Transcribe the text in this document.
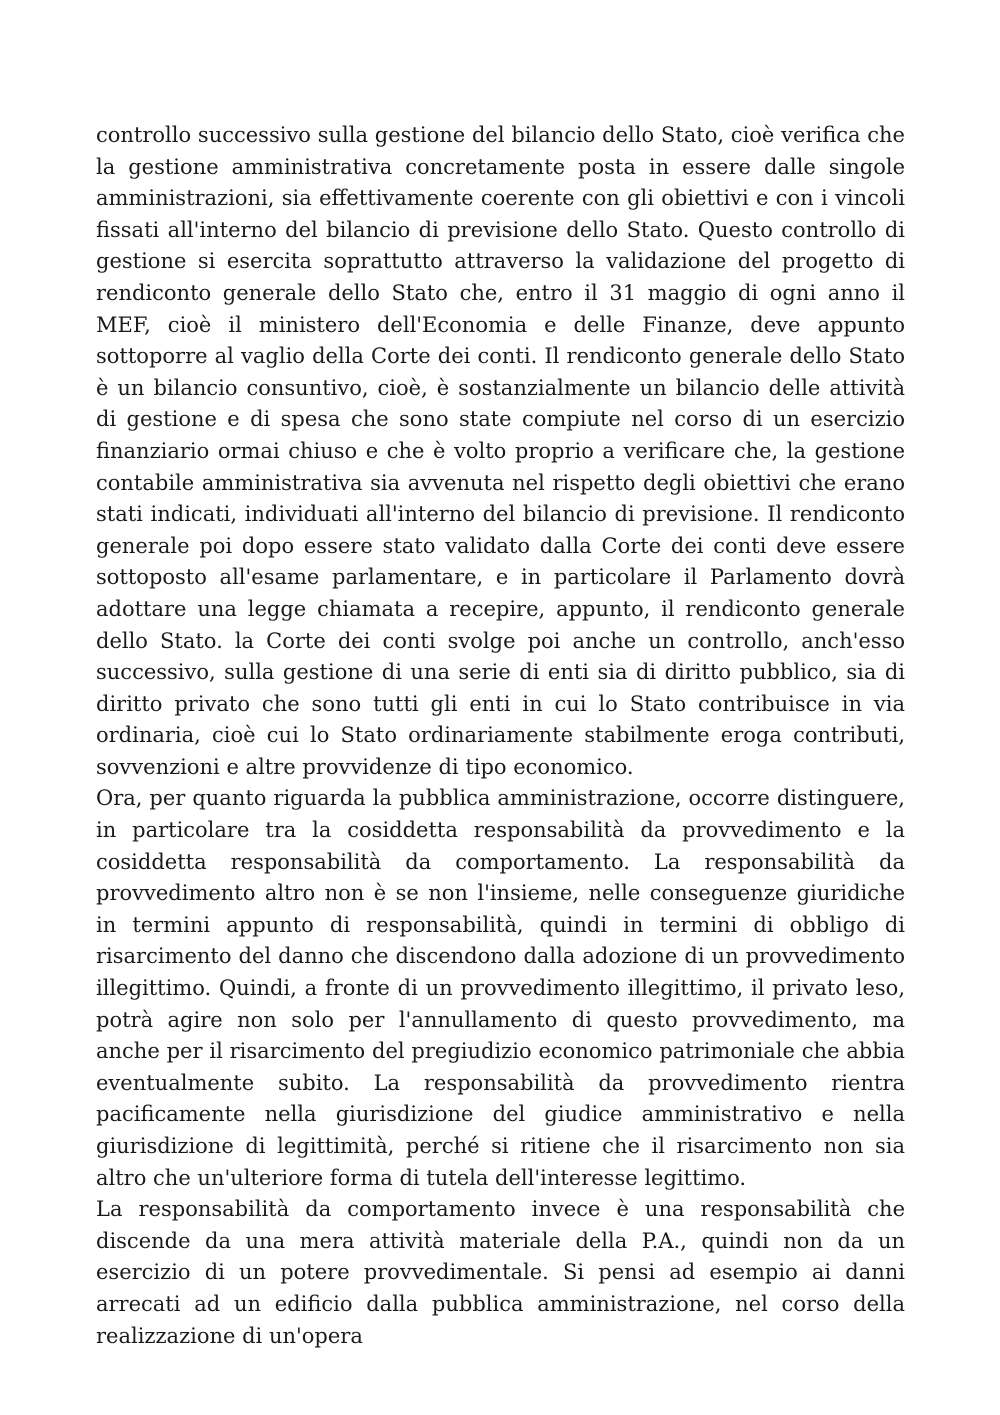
controllo successivo sulla gestione del bilancio dello Stato, cioè verifica che la gestione amministrativa concretamente posta in essere dalle singole amministrazioni, sia effettivamente coerente con gli obiettivi e con i vincoli fissati all'interno del bilancio di previsione dello Stato. Questo controllo di gestione si esercita soprattutto attraverso la validazione del progetto di rendiconto generale dello Stato che, entro il 31 maggio di ogni anno il MEF, cioè il ministero dell'Economia e delle Finanze, deve appunto sottoporre al vaglio della Corte dei conti. Il rendiconto generale dello Stato è un bilancio consuntivo, cioè, è sostanzialmente un bilancio delle attività di gestione e di spesa che sono state compiute nel corso di un esercizio finanziario ormai chiuso e che è volto proprio a verificare che, la gestione contabile amministrativa sia avvenuta nel rispetto degli obiettivi che erano stati indicati, individuati all'interno del bilancio di previsione. Il rendiconto generale poi dopo essere stato validato dalla Corte dei conti deve essere sottoposto all'esame parlamentare, e in particolare il Parlamento dovrà adottare una legge chiamata a recepire, appunto, il rendiconto generale dello Stato. la Corte dei conti svolge poi anche un controllo, anch'esso successivo, sulla gestione di una serie di enti sia di diritto pubblico, sia di diritto privato che sono tutti gli enti in cui lo Stato contribuisce in via ordinaria, cioè cui lo Stato ordinariamente stabilmente eroga contributi, sovvenzioni e altre provvidenze di tipo economico.

Ora, per quanto riguarda la pubblica amministrazione, occorre distinguere, in particolare tra la cosiddetta responsabilità da provvedimento e la cosiddetta responsabilità da comportamento. La responsabilità da provvedimento altro non è se non l'insieme, nelle conseguenze giuridiche in termini appunto di responsabilità, quindi in termini di obbligo di risarcimento del danno che discendono dalla adozione di un provvedimento illegittimo. Quindi, a fronte di un provvedimento illegittimo, il privato leso, potrà agire non solo per l'annullamento di questo provvedimento, ma anche per il risarcimento del pregiudizio economico patrimoniale che abbia eventualmente subito. La responsabilità da provvedimento rientra pacificamente nella giurisdizione del giudice amministrativo e nella giurisdizione di legittimità, perché si ritiene che il risarcimento non sia altro che un'ulteriore forma di tutela dell'interesse legittimo.

La responsabilità da comportamento invece è una responsabilità che discende da una mera attività materiale della P.A., quindi non da un esercizio di un potere provvedimentale. Si pensi ad esempio ai danni arrecati ad un edificio dalla pubblica amministrazione, nel corso della realizzazione di un'opera
